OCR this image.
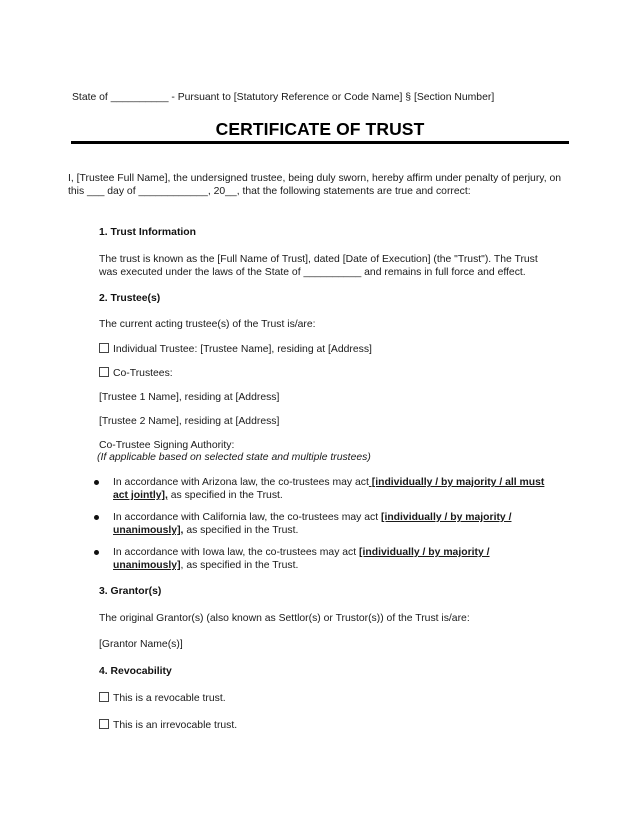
State of __________ - Pursuant to [Statutory Reference or Code Name] § [Section Number]
CERTIFICATE OF TRUST
I, [Trustee Full Name], the undersigned trustee, being duly sworn, hereby affirm under penalty of perjury, on
this ___ day of ____________, 20__, that the following statements are true and correct:
1. Trust Information
The trust is known as the [Full Name of Trust], dated [Date of Execution] (the "Trust"). The Trust
was executed under the laws of the State of __________ and remains in full force and effect.
2. Trustee(s)
The current acting trustee(s) of the Trust is/are:
Individual Trustee: [Trustee Name], residing at [Address]
Co-Trustees:
[Trustee 1 Name], residing at [Address]
[Trustee 2 Name], residing at [Address]
Co-Trustee Signing Authority:
(If applicable based on selected state and multiple trustees)
In accordance with Arizona law, the co-trustees may act [individually / by majority / all must
act jointly], as specified in the Trust.
In accordance with California law, the co-trustees may act [individually / by majority /
unanimously], as specified in the Trust.
In accordance with Iowa law, the co-trustees may act [individually / by majority /
unanimously], as specified in the Trust.
3. Grantor(s)
The original Grantor(s) (also known as Settlor(s) or Trustor(s)) of the Trust is/are:
[Grantor Name(s)]
4. Revocability
This is a revocable trust.
This is an irrevocable trust.
